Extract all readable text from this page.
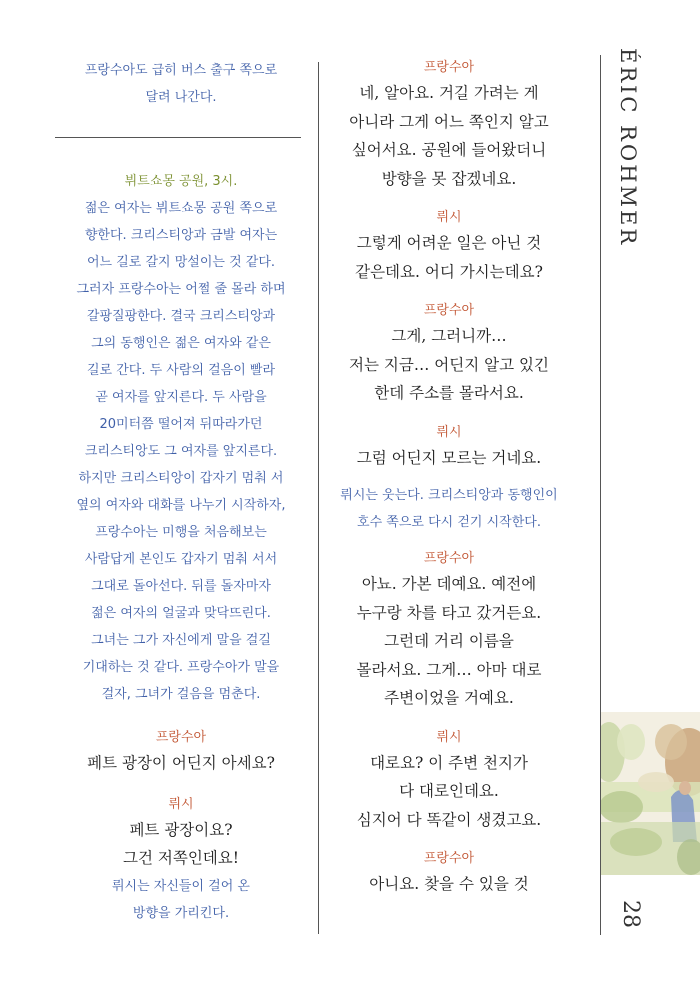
프랑수아도 급히 버스 출구 쪽으로

달려 나간다.

뷔트쇼몽 공원, 3시.

젊은 여자는 뷔트쇼몽 공원 쪽으로

향한다. 크리스티앙과 금발 여자는

어느 길로 갈지 망설이는 것 같다.

그러자 프랑수아는 어쩔 줄 몰라 하며

갈팡질팡한다. 결국 크리스티앙과

그의 동행인은 젊은 여자와 같은

길로 간다. 두 사람의 걸음이 빨라

곧 여자를 앞지른다. 두 사람을

20미터쯤 떨어져 뒤따라가던

크리스티앙도 그 여자를 앞지른다.

하지만 크리스티앙이 갑자기 멈춰 서

옆의 여자와 대화를 나누기 시작하자,

프랑수아는 미행을 처음해보는

사람답게 본인도 갑자기 멈춰 서서

그대로 돌아선다. 뒤를 돌자마자

젊은 여자의 얼굴과 맞닥뜨린다.

그녀는 그가 자신에게 말을 걸길

기대하는 것 같다. 프랑수아가 말을

걸자, 그녀가 걸음을 멈춘다.

프랑수아

페트 광장이 어딘지 아세요?

뤼시

페트 광장이요?

그건 저쪽인데요!

뤼시는 자신들이 걸어 온

방향을 가리킨다.

프랑수아

네, 알아요. 거길 가려는 게

아니라 그게 어느 쪽인지 알고

싶어서요. 공원에 들어왔더니

방향을 못 잡겠네요.

뤼시

그렇게 어려운 일은 아닌 것

같은데요. 어디 가시는데요?

프랑수아

그게, 그러니까…

저는 지금… 어딘지 알고 있긴

한데 주소를 몰라서요.

뤼시

그럼 어딘지 모르는 거네요.

뤼시는 웃는다. 크리스티앙과 동행인이

호수 쪽으로 다시 걷기 시작한다.

프랑수아

아뇨. 가본 데예요. 예전에

누구랑 차를 타고 갔거든요.

그런데 거리 이름을

몰라서요. 그게… 아마 대로

주변이었을 거예요.

뤼시

대로요? 이 주변 천지가

다 대로인데요.

심지어 다 똑같이 생겼고요.

프랑수아

아니요. 찾을 수 있을 것

ÉRIC ROHMER
28
